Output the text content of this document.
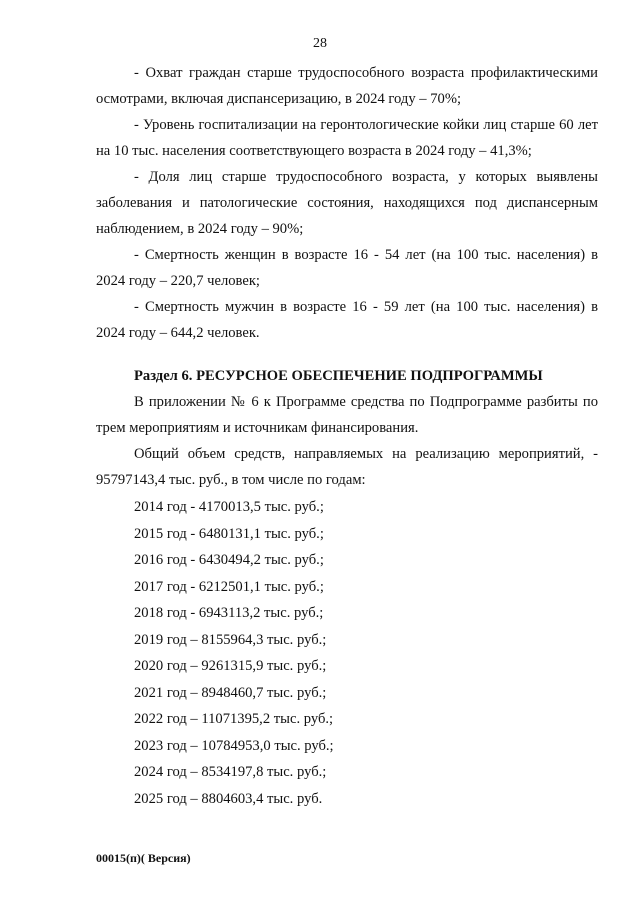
28

- Охват граждан старше трудоспособного возраста профилактическими осмотрами, включая диспансеризацию, в 2024 году – 70%;

- Уровень госпитализации на геронтологические койки лиц старше 60 лет на 10 тыс. населения соответствующего возраста в 2024 году – 41,3%;

- Доля лиц старше трудоспособного возраста, у которых выявлены заболевания и патологические состояния, находящихся под диспансерным наблюдением, в 2024 году – 90%;

- Смертность женщин в возрасте 16 - 54 лет (на 100 тыс. населения) в 2024 году – 220,7 человек;

- Смертность мужчин в возрасте 16 - 59 лет (на 100 тыс. населения) в 2024 году – 644,2 человек.

Раздел 6. РЕСУРСНОЕ ОБЕСПЕЧЕНИЕ ПОДПРОГРАММЫ

В приложении № 6 к Программе средства по Подпрограмме разбиты по трем мероприятиям и источникам финансирования.

Общий объем средств, направляемых на реализацию мероприятий, - 95797143,4 тыс. руб., в том числе по годам:

2014 год - 4170013,5 тыс. руб.;
2015 год - 6480131,1 тыс. руб.;
2016 год - 6430494,2 тыс. руб.;
2017 год - 6212501,1 тыс. руб.;
2018 год - 6943113,2 тыс. руб.;
2019 год – 8155964,3 тыс. руб.;
2020 год – 9261315,9 тыс. руб.;
2021 год – 8948460,7 тыс. руб.;
2022 год – 11071395,2 тыс. руб.;
2023 год – 10784953,0 тыс. руб.;
2024 год – 8534197,8 тыс. руб.;
2025 год – 8804603,4 тыс. руб.
00015(п)( Версия)
